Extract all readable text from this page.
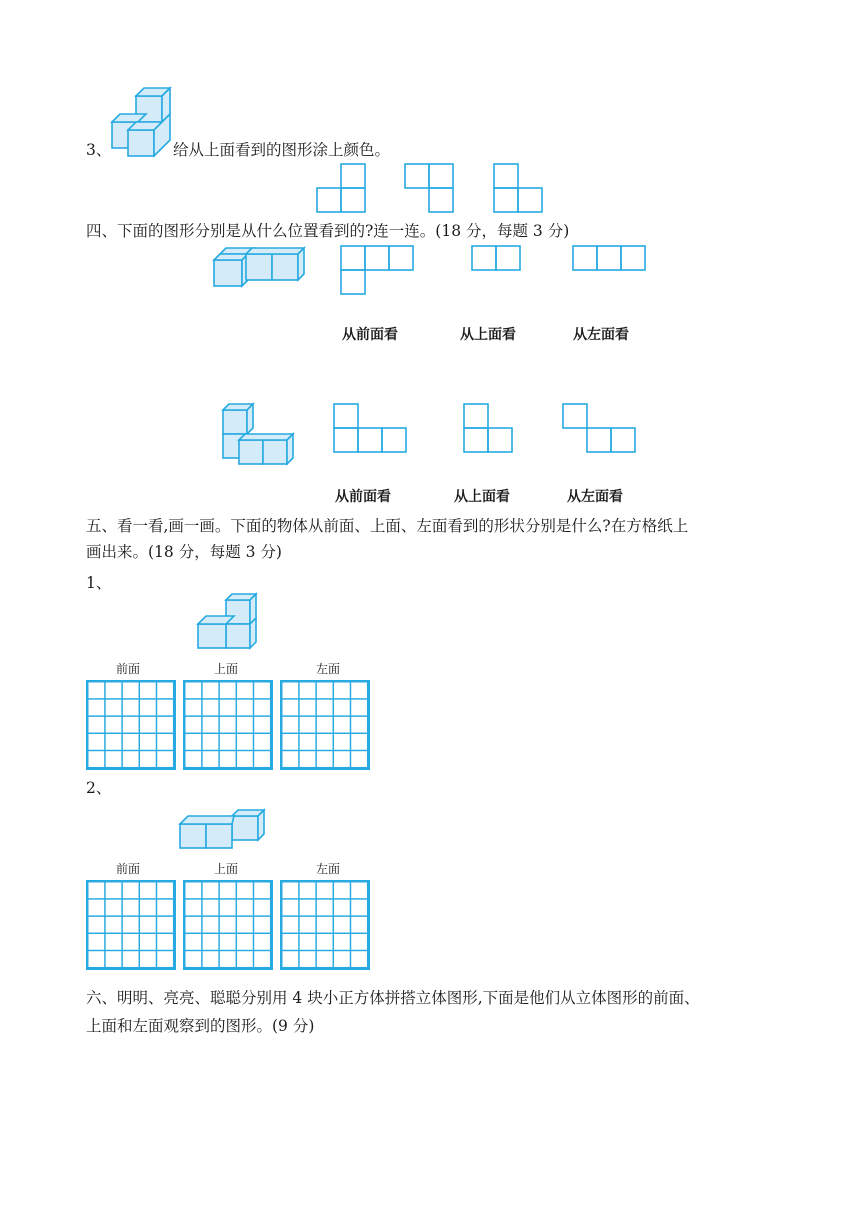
3、	给从上面看到的图形涂上颜色。
四、下面的图形分别是从什么位置看到的?连一连。(18 分，每题 3 分)
从前面看	从上面看	从左面看
从前面看	从上面看	从左面看
五、看一看,画一画。下面的物体从前面、上面、左面看到的形状分别是什么?在方格纸上
画出来。(18 分，每题 3 分)
1、
前面	上面	左面
2、
前面	上面	左面
六、明明、亮亮、聪聪分别用 4 块小正方体拼搭立体图形,下面是他们从立体图形的前面、
上面和左面观察到的图形。(9 分)
